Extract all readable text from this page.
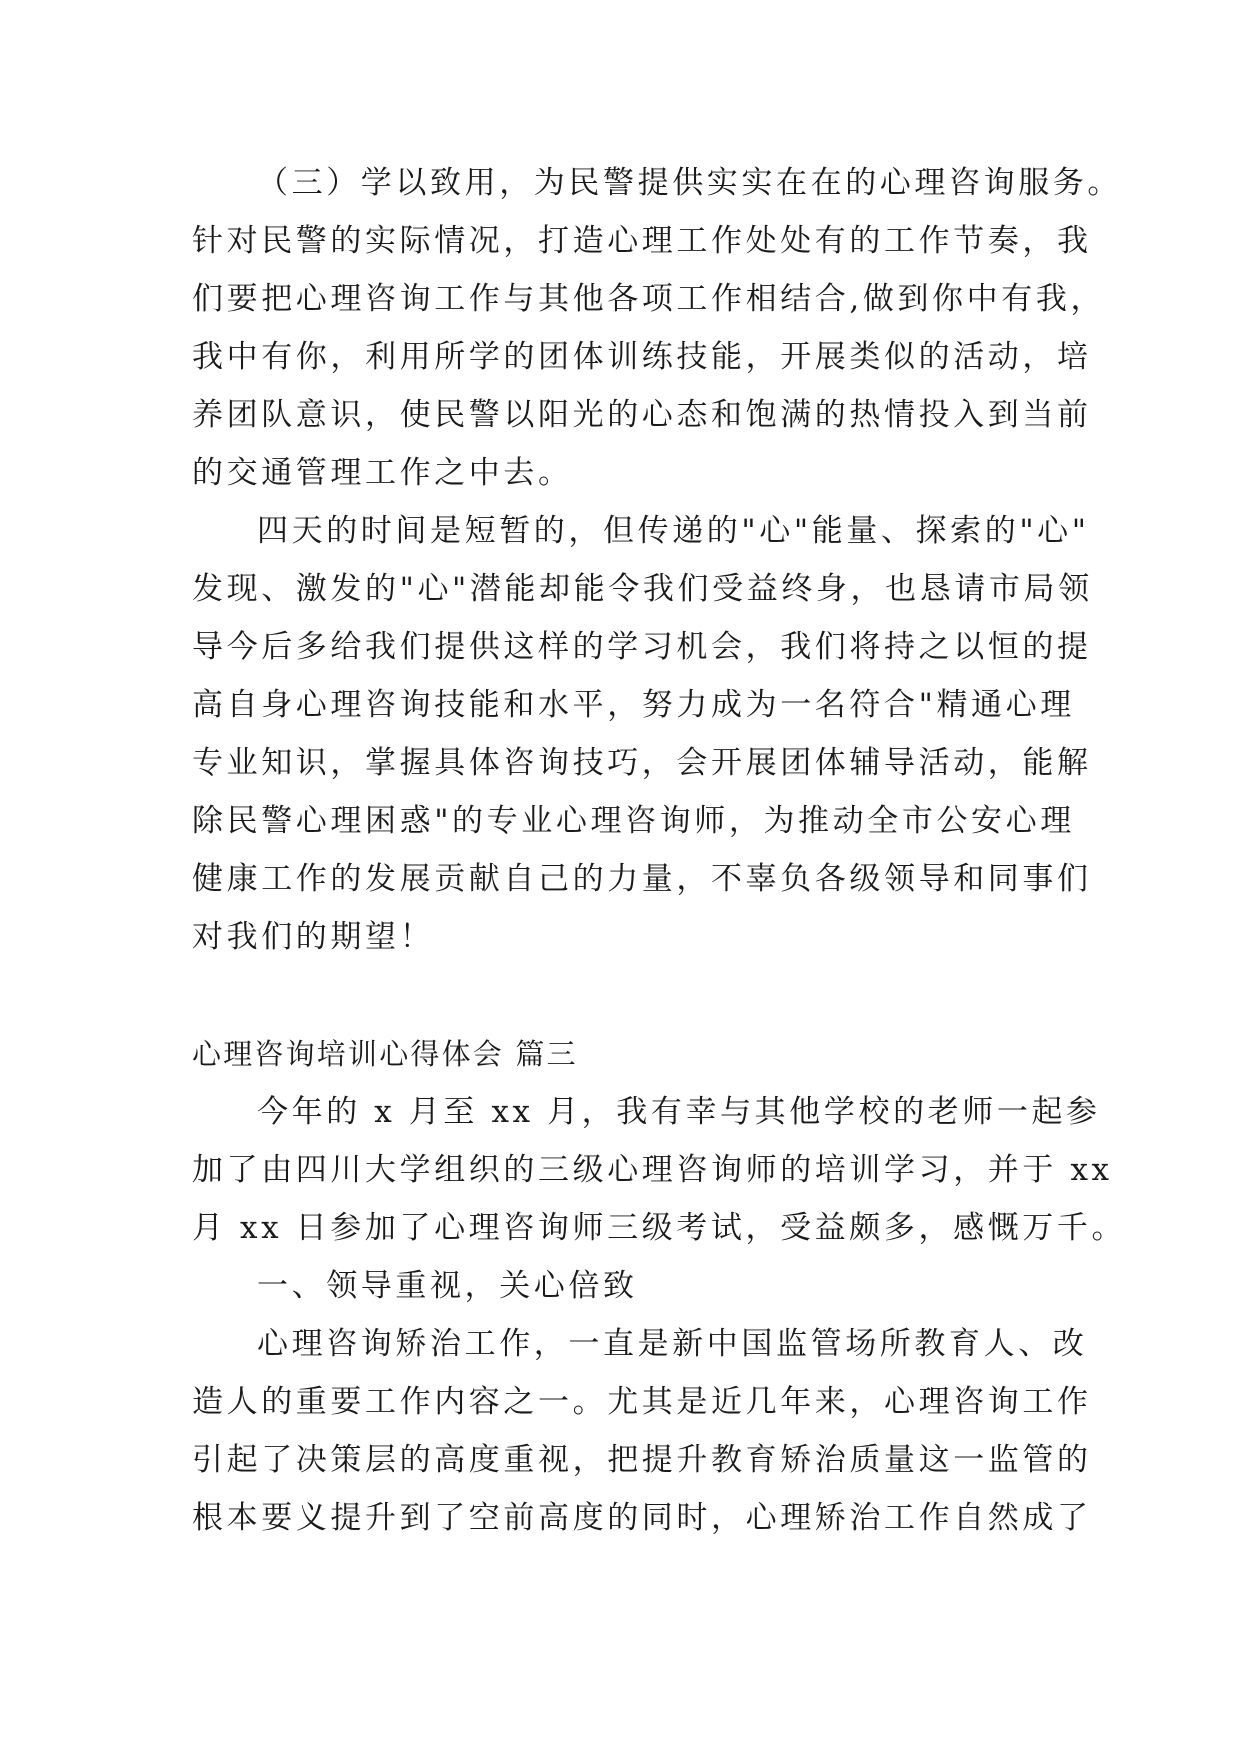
（三）学以致用，为民警提供实实在在的心理咨询服务。
针对民警的实际情况，打造心理工作处处有的工作节奏，我
们要把心理咨询工作与其他各项工作相结合,做到你中有我，
我中有你，利用所学的团体训练技能，开展类似的活动，培
养团队意识，使民警以阳光的心态和饱满的热情投入到当前
的交通管理工作之中去。
四天的时间是短暂的，但传递的"心"能量、探索的"心"
发现、激发的"心"潜能却能令我们受益终身，也恳请市局领
导今后多给我们提供这样的学习机会，我们将持之以恒的提
高自身心理咨询技能和水平，努力成为一名符合"精通心理
专业知识，掌握具体咨询技巧，会开展团体辅导活动，能解
除民警心理困惑"的专业心理咨询师，为推动全市公安心理
健康工作的发展贡献自己的力量，不辜负各级领导和同事们
对我们的期望！
心理咨询培训心得体会 篇三
今年的 x 月至 xx 月，我有幸与其他学校的老师一起参
加了由四川大学组织的三级心理咨询师的培训学习，并于 xx
月 xx 日参加了心理咨询师三级考试，受益颇多，感慨万千。
一、领导重视，关心倍致
心理咨询矫治工作，一直是新中国监管场所教育人、改
造人的重要工作内容之一。尤其是近几年来，心理咨询工作
引起了决策层的高度重视，把提升教育矫治质量这一监管的
根本要义提升到了空前高度的同时，心理矫治工作自然成了
